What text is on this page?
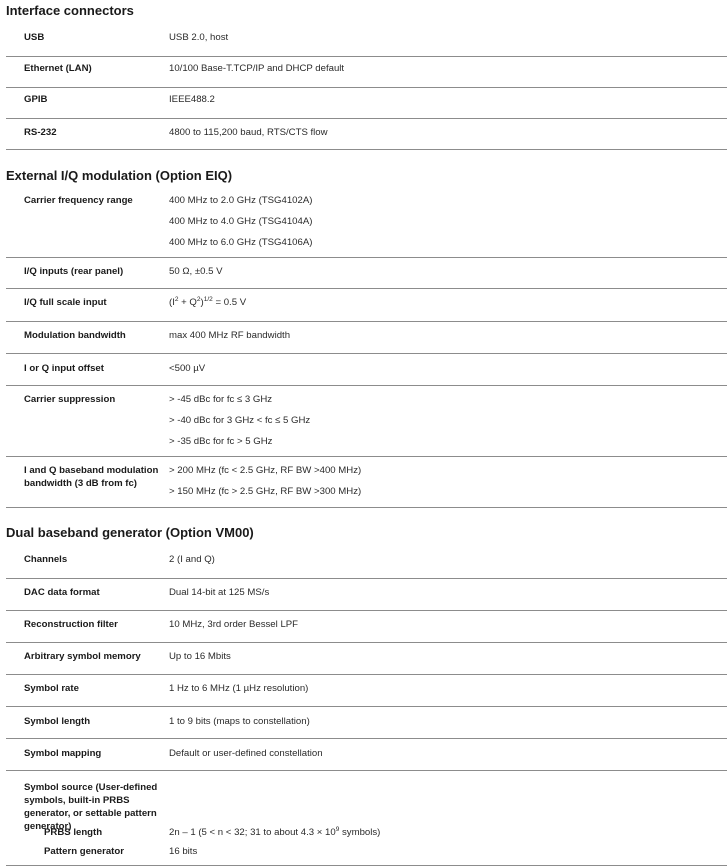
Interface connectors
USB	USB 2.0, host
Ethernet (LAN)	10/100 Base-T.TCP/IP and DHCP default
GPIB	IEEE488.2
RS-232	4800 to 115,200 baud, RTS/CTS flow
External I/Q modulation (Option EIQ)
Carrier frequency range	400 MHz to 2.0 GHz (TSG4102A)
400 MHz to 4.0 GHz (TSG4104A)
400 MHz to 6.0 GHz (TSG4106A)
I/Q inputs (rear panel)	50 Ω, ±0.5 V
I/Q full scale input	$(I^2 + Q^2)^{1/2} = 0.5$ V
Modulation bandwidth	max 400 MHz RF bandwidth
I or Q input offset	<500 µV
Carrier suppression	> -45 dBc for fc ≤ 3 GHz
> -40 dBc for 3 GHz < fc ≤ 5 GHz
> -35 dBc for fc > 5 GHz
I and Q baseband modulation bandwidth (3 dB from fc)
> 200 MHz (fc < 2.5 GHz, RF BW >400 MHz)
> 150 MHz (fc > 2.5 GHz, RF BW >300 MHz)
Dual baseband generator (Option VM00)
Channels	2 (I and Q)
DAC data format	Dual 14-bit at 125 MS/s
Reconstruction filter	10 MHz, 3rd order Bessel LPF
Arbitrary symbol memory	Up to 16 Mbits
Symbol rate	1 Hz to 6 MHz (1 µHz resolution)
Symbol length	1 to 9 bits (maps to constellation)
Symbol mapping	Default or user-defined constellation
Symbol source (User-defined symbols, built-in PRBS generator, or settable pattern generator)
PRBS length	2n – 1 (5 < n < 32; 31 to about $4.3 \times 10^9$ symbols)
Pattern generator	16 bits
